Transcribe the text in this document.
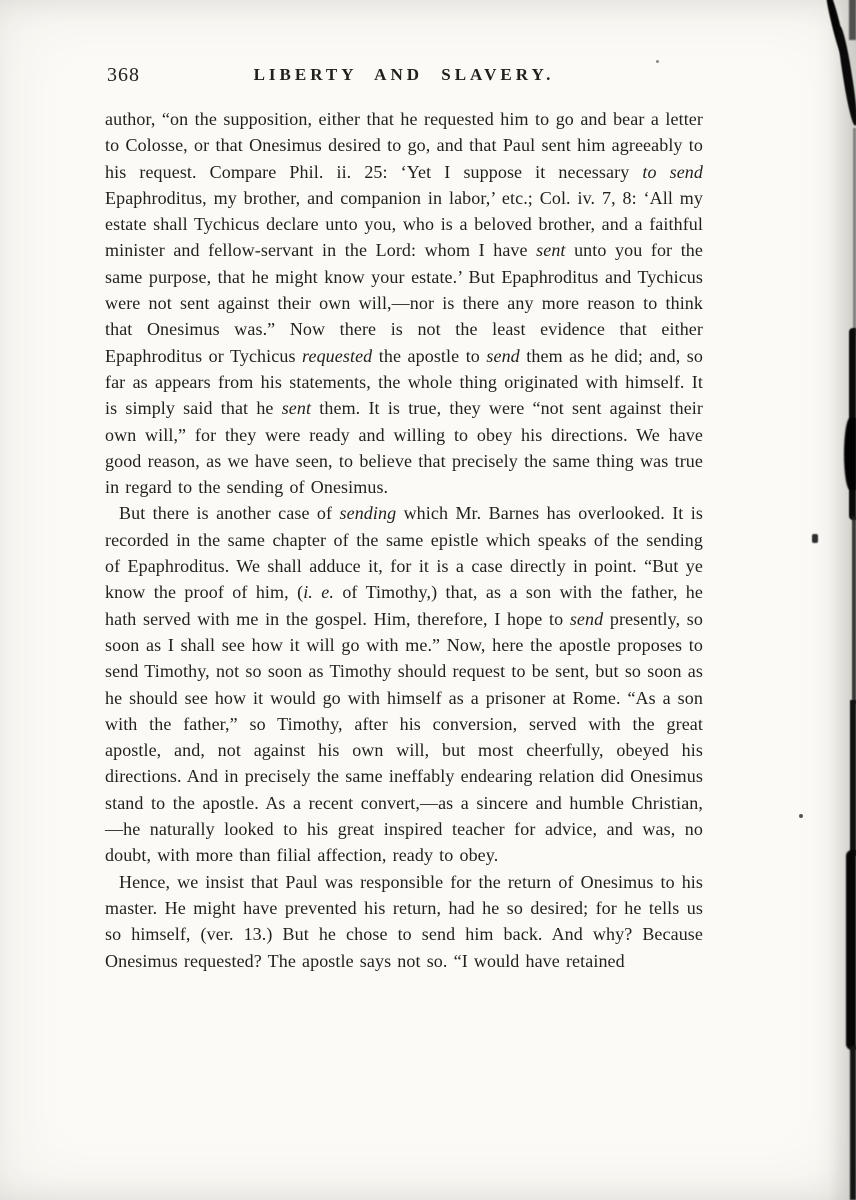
368	LIBERTY AND SLAVERY.

author, “on the supposition, either that he requested him to go and bear a letter to Colosse, or that Onesimus desired to go, and that Paul sent him agreeably to his request. Compare Phil. ii. 25: ‘Yet I suppose it necessary to send Epaphroditus, my brother, and companion in labor,’ etc.; Col. iv. 7, 8: ‘All my estate shall Tychicus declare unto you, who is a beloved brother, and a faithful minister and fellow-servant in the Lord: whom I have sent unto you for the same purpose, that he might know your estate.’ But Epaphroditus and Tychicus were not sent against their own will,—nor is there any more reason to think that Onesimus was.” Now there is not the least evidence that either Epaphroditus or Tychicus requested the apostle to send them as he did; and, so far as appears from his statements, the whole thing originated with himself. It is simply said that he sent them. It is true, they were “not sent against their own will,” for they were ready and willing to obey his directions. We have good reason, as we have seen, to believe that precisely the same thing was true in regard to the sending of Onesimus.

But there is another case of sending which Mr. Barnes has overlooked. It is recorded in the same chapter of the same epistle which speaks of the sending of Epaphroditus. We shall adduce it, for it is a case directly in point. “But ye know the proof of him, (i. e. of Timothy,) that, as a son with the father, he hath served with me in the gospel. Him, therefore, I hope to send presently, so soon as I shall see how it will go with me.” Now, here the apostle proposes to send Timothy, not so soon as Timothy should request to be sent, but so soon as he should see how it would go with himself as a prisoner at Rome. “As a son with the father,” so Timothy, after his conversion, served with the great apostle, and, not against his own will, but most cheerfully, obeyed his directions. And in precisely the same ineffably endearing relation did Onesimus stand to the apostle. As a recent convert,—as a sincere and humble Christian,—he naturally looked to his great inspired teacher for advice, and was, no doubt, with more than filial affection, ready to obey.

Hence, we insist that Paul was responsible for the return of Onesimus to his master. He might have prevented his return, had he so desired; for he tells us so himself, (ver. 13.) But he chose to send him back. And why? Because Onesimus requested? The apostle says not so. “I would have retained
